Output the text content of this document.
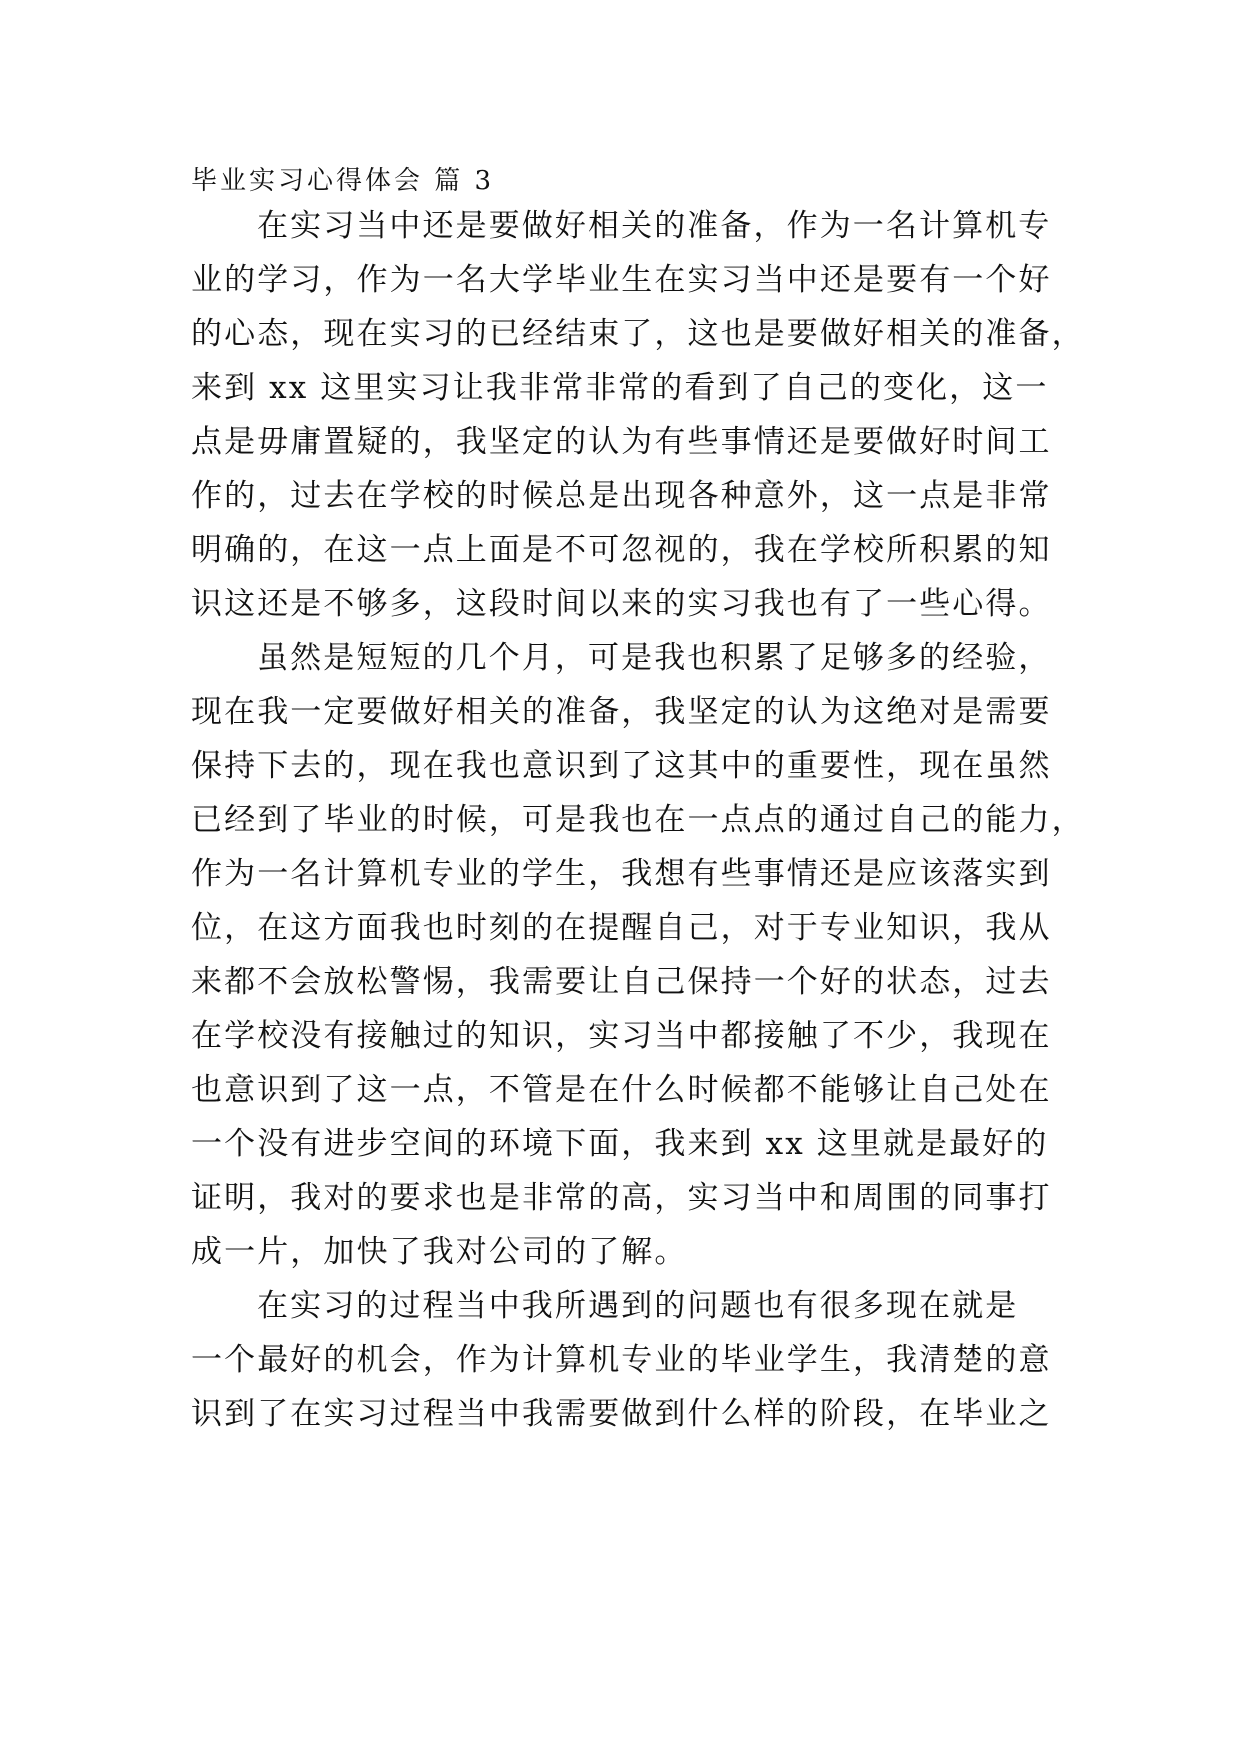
毕业实习心得体会 篇 3
在实习当中还是要做好相关的准备，作为一名计算机专
业的学习，作为一名大学毕业生在实习当中还是要有一个好
的心态，现在实习的已经结束了，这也是要做好相关的准备，
来到 xx 这里实习让我非常非常的看到了自己的变化，这一
点是毋庸置疑的，我坚定的认为有些事情还是要做好时间工
作的，过去在学校的时候总是出现各种意外，这一点是非常
明确的，在这一点上面是不可忽视的，我在学校所积累的知
识这还是不够多，这段时间以来的实习我也有了一些心得。
虽然是短短的几个月，可是我也积累了足够多的经验，
现在我一定要做好相关的准备，我坚定的认为这绝对是需要
保持下去的，现在我也意识到了这其中的重要性，现在虽然
已经到了毕业的时候，可是我也在一点点的通过自己的能力，
作为一名计算机专业的学生，我想有些事情还是应该落实到
位，在这方面我也时刻的在提醒自己，对于专业知识，我从
来都不会放松警惕，我需要让自己保持一个好的状态，过去
在学校没有接触过的知识，实习当中都接触了不少，我现在
也意识到了这一点，不管是在什么时候都不能够让自己处在
一个没有进步空间的环境下面，我来到 xx 这里就是最好的
证明，我对的要求也是非常的高，实习当中和周围的同事打
成一片，加快了我对公司的了解。
在实习的过程当中我所遇到的问题也有很多现在就是
一个最好的机会，作为计算机专业的毕业学生，我清楚的意
识到了在实习过程当中我需要做到什么样的阶段，在毕业之
